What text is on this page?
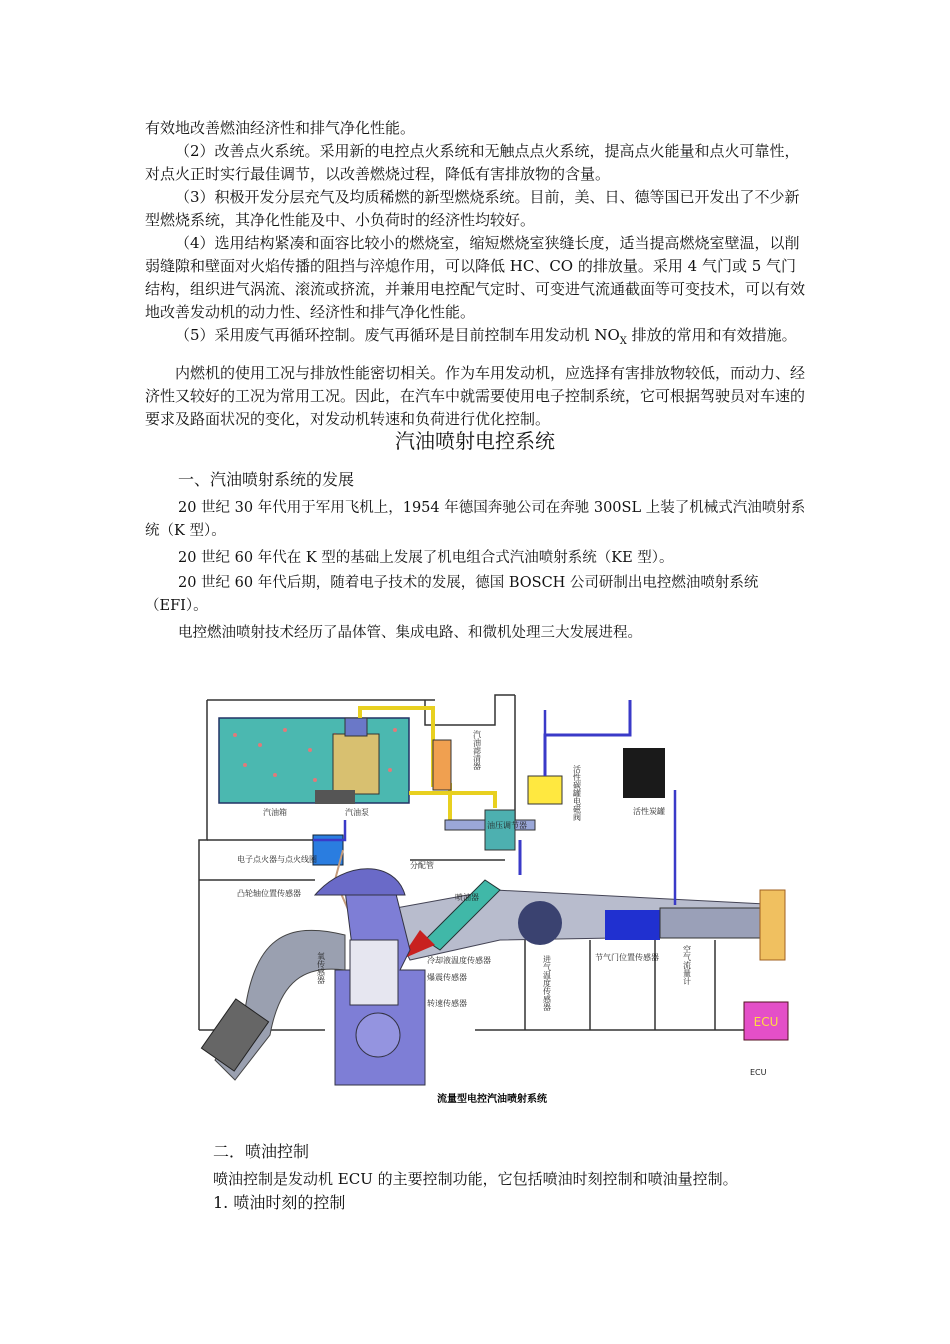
有效地改善燃油经济性和排气净化性能。

（2）改善点火系统。采用新的电控点火系统和无触点点火系统，提高点火能量和点火可靠性，对点火正时实行最佳调节，以改善燃烧过程，降低有害排放物的含量。

（3）积极开发分层充气及均质稀燃的新型燃烧系统。目前，美、日、德等国已开发出了不少新型燃烧系统，其净化性能及中、小负荷时的经济性均较好。

（4）选用结构紧凑和面容比较小的燃烧室，缩短燃烧室狭缝长度，适当提高燃烧室壁温，以削弱缝隙和壁面对火焰传播的阻挡与淬熄作用，可以降低 HC、CO 的排放量。采用 4 气门或 5 气门结构，组织进气涡流、滚流或挤流，并兼用电控配气定时、可变进气流通截面等可变技术，可以有效地改善发动机的动力性、经济性和排气净化性能。

（5）采用废气再循环控制。废气再循环是目前控制车用发动机 $NO_X$ 排放的常用和有效措施。

内燃机的使用工况与排放性能密切相关。作为车用发动机，应选择有害排放物较低，而动力、经济性又较好的工况为常用工况。因此，在汽车中就需要使用电子控制系统，它可根据驾驶员对车速的要求及路面状况的变化，对发动机转速和负荷进行优化控制。

汽油喷射电控系统
一、汽油喷射系统的发展

20 世纪 30 年代用于军用飞机上，1954 年德国奔驰公司在奔驰 300SL 上装了机械式汽油喷射系统（K 型）。

20 世纪 60 年代在 K 型的基础上发展了机电组合式汽油喷射系统（KE 型）。

20 世纪 60 年代后期，随着电子技术的发展，德国 BOSCH 公司研制出电控燃油喷射系统（EFI）。

电控燃油喷射技术经历了晶体管、集成电路、和微机处理三大发展进程。

ECU
汽油箱	汽油泵
油压调节器
分配管
喷油器
活性炭罐
电子点火器与点火线圈
凸轮轴位置传感器
冷却液温度传感器
爆震传感器
转速传感器
节气门位置传感器
ECU
汽油滤清器
活性碳罐电磁阀
氧传感器	进气温度传感器	空气流量计
流量型电控汽油喷射系统
二．喷油控制
喷油控制是发动机 ECU 的主要控制功能，它包括喷油时刻控制和喷油量控制。
1. 喷油时刻的控制
